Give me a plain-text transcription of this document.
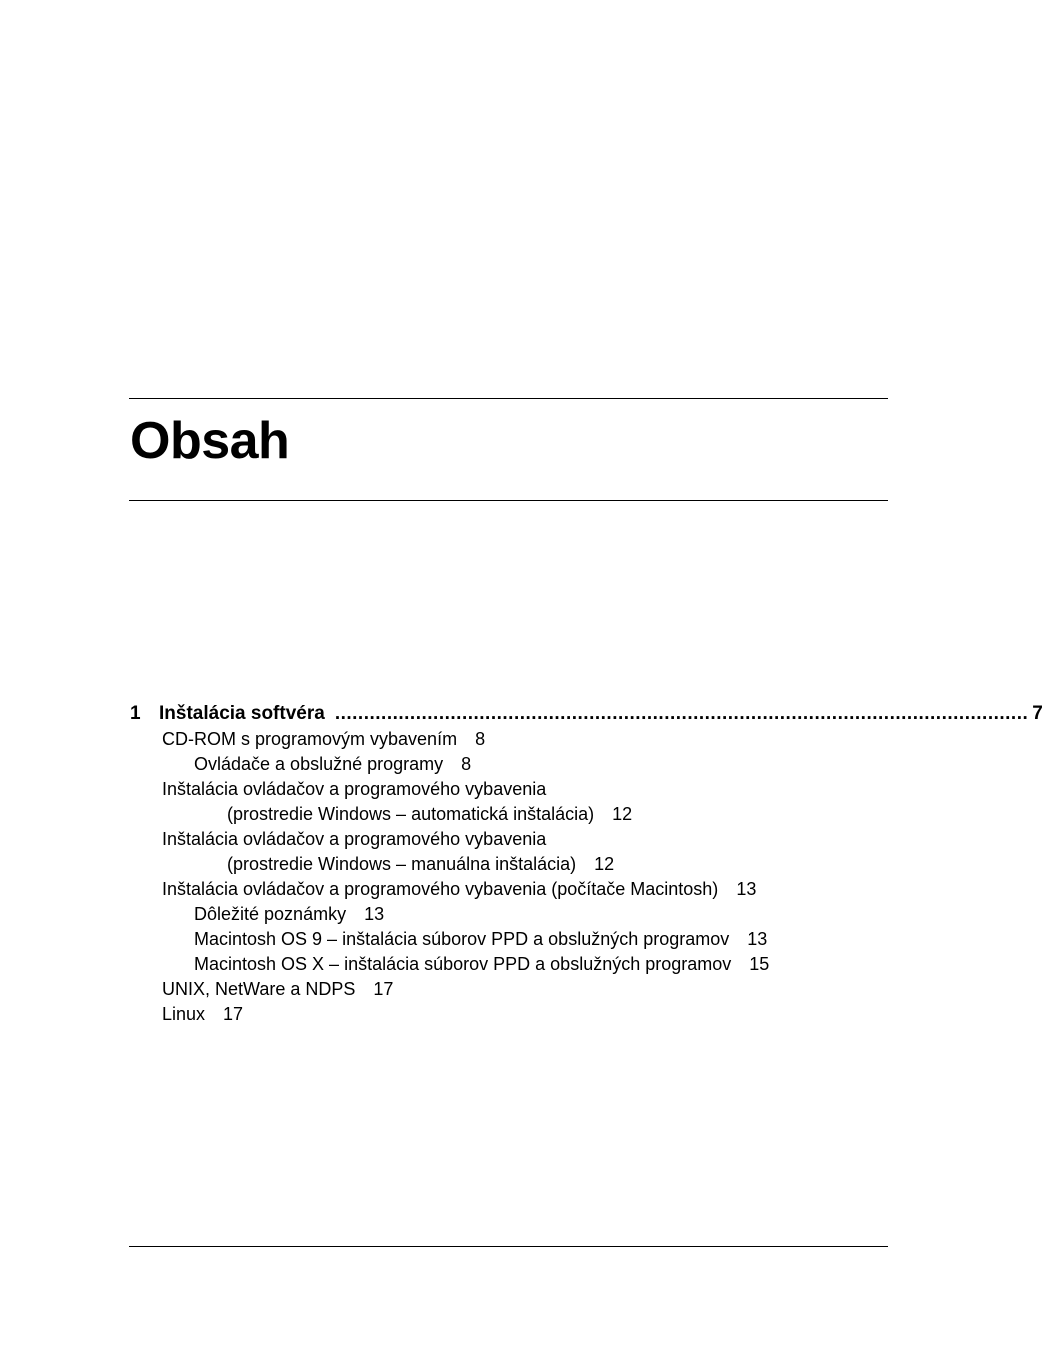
Obsah
1 Inštalácia softvéra ........................................................................................................................ 7
CD-ROM s programovým vybavením 8
Ovládače a obslužné programy 8
Inštalácia ovládačov a programového vybavenia
(prostredie Windows – automatická inštalácia) 12
Inštalácia ovládačov a programového vybavenia
(prostredie Windows – manuálna inštalácia) 12
Inštalácia ovládačov a programového vybavenia (počítače Macintosh) 13
Dôležité poznámky 13
Macintosh OS 9 – inštalácia súborov PPD a obslužných programov 13
Macintosh OS X – inštalácia súborov PPD a obslužných programov 15
UNIX, NetWare a NDPS 17
Linux 17
